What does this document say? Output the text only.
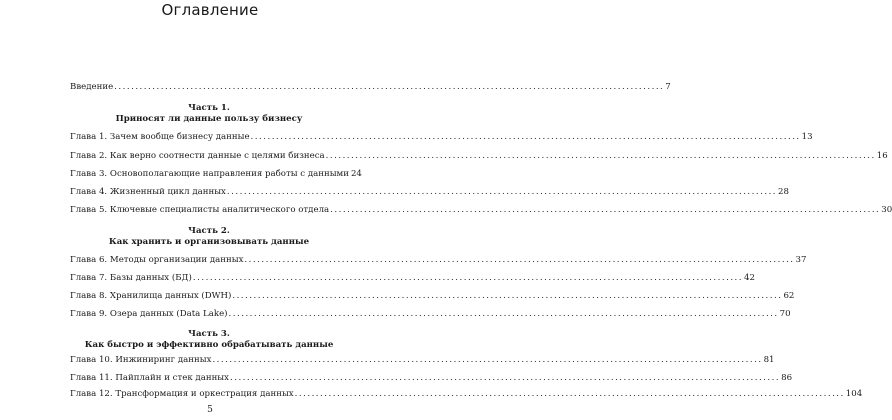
Оглавление
Введение .................................................................................................................................. 7
Часть 1.
Приносят ли данные пользу бизнесу
Глава 1. Зачем вообще бизнесу данные .................................................................................................................................. 13
Глава 2. Как верно соотнести данные с целями бизнеса .................................................................................................................................. 16
Глава 3. Основополагающие направления работы с данными 24
Глава 4. Жизненный цикл данных .................................................................................................................................. 28
Глава 5. Ключевые специалисты аналитического отдела .................................................................................................................................. 30
Часть 2.
Как хранить и организовывать данные
Глава 6. Методы организации данных .................................................................................................................................. 37
Глава 7. Базы данных (БД) .................................................................................................................................. 42
Глава 8. Хранилища данных (DWH) .................................................................................................................................. 62
Глава 9. Озера данных (Data Lake) .................................................................................................................................. 70
Часть 3.
Как быстро и эффективно обрабатывать данные
Глава 10. Инжиниринг данных .................................................................................................................................. 81
Глава 11. Пайплайн и стек данных .................................................................................................................................. 86
Глава 12. Трансформация и оркестрация данных .................................................................................................................................. 104
5
